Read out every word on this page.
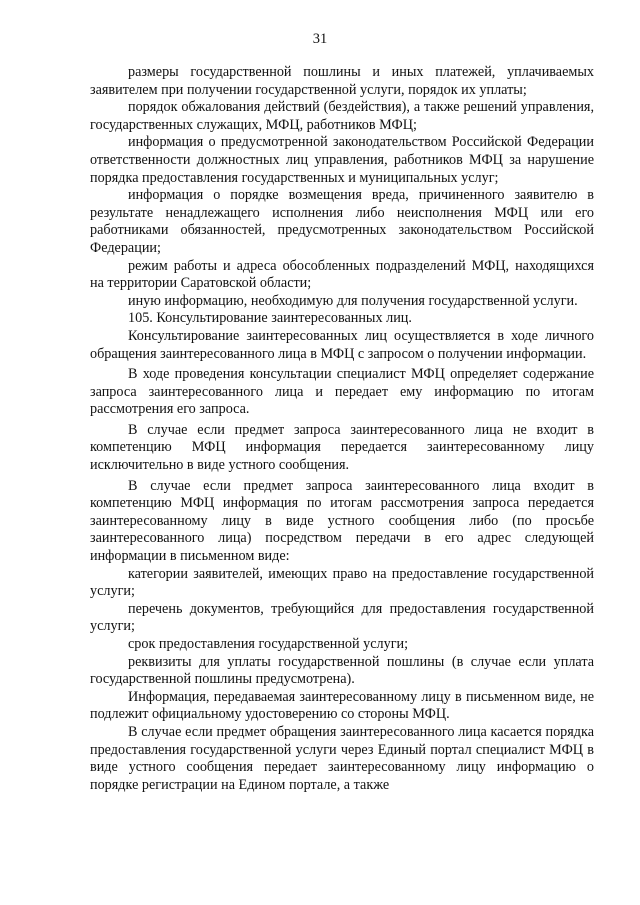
31

размеры государственной пошлины и иных платежей, уплачиваемых заявителем при получении государственной услуги, порядок их уплаты;

порядок обжалования действий (бездействия), а также решений управления, государственных служащих, МФЦ, работников МФЦ;

информация о предусмотренной законодательством Российской Федерации ответственности должностных лиц управления, работников МФЦ за нарушение порядка предоставления государственных и муниципальных услуг;

информация о порядке возмещения вреда, причиненного заявителю в результате ненадлежащего исполнения либо неисполнения МФЦ или его работниками обязанностей, предусмотренных законодательством Российской Федерации;

режим работы и адреса обособленных подразделений МФЦ, находящихся на территории Саратовской области;

иную информацию, необходимую для получения государственной услуги.

105. Консультирование заинтересованных лиц.

Консультирование заинтересованных лиц осуществляется в ходе личного обращения заинтересованного лица в МФЦ с запросом о получении информации.

В ходе проведения консультации специалист МФЦ определяет содержание запроса заинтересованного лица и передает ему информацию по итогам рассмотрения его запроса.

В случае если предмет запроса заинтересованного лица не входит в компетенцию МФЦ информация передается заинтересованному лицу исключительно в виде устного сообщения.

В случае если предмет запроса заинтересованного лица входит в компетенцию МФЦ информация по итогам рассмотрения запроса передается заинтересованному лицу в виде устного сообщения либо (по просьбе заинтересованного лица) посредством передачи в его адрес следующей информации в письменном виде:

категории заявителей, имеющих право на предоставление государственной услуги;

перечень документов, требующийся для предоставления государственной услуги;

срок предоставления государственной услуги;

реквизиты для уплаты государственной пошлины (в случае если уплата государственной пошлины предусмотрена).

Информация, передаваемая заинтересованному лицу в письменном виде, не подлежит официальному удостоверению со стороны МФЦ.

В случае если предмет обращения заинтересованного лица касается порядка предоставления государственной услуги через Единый портал специалист МФЦ в виде устного сообщения передает заинтересованному лицу информацию о порядке регистрации на Едином портале, а также
